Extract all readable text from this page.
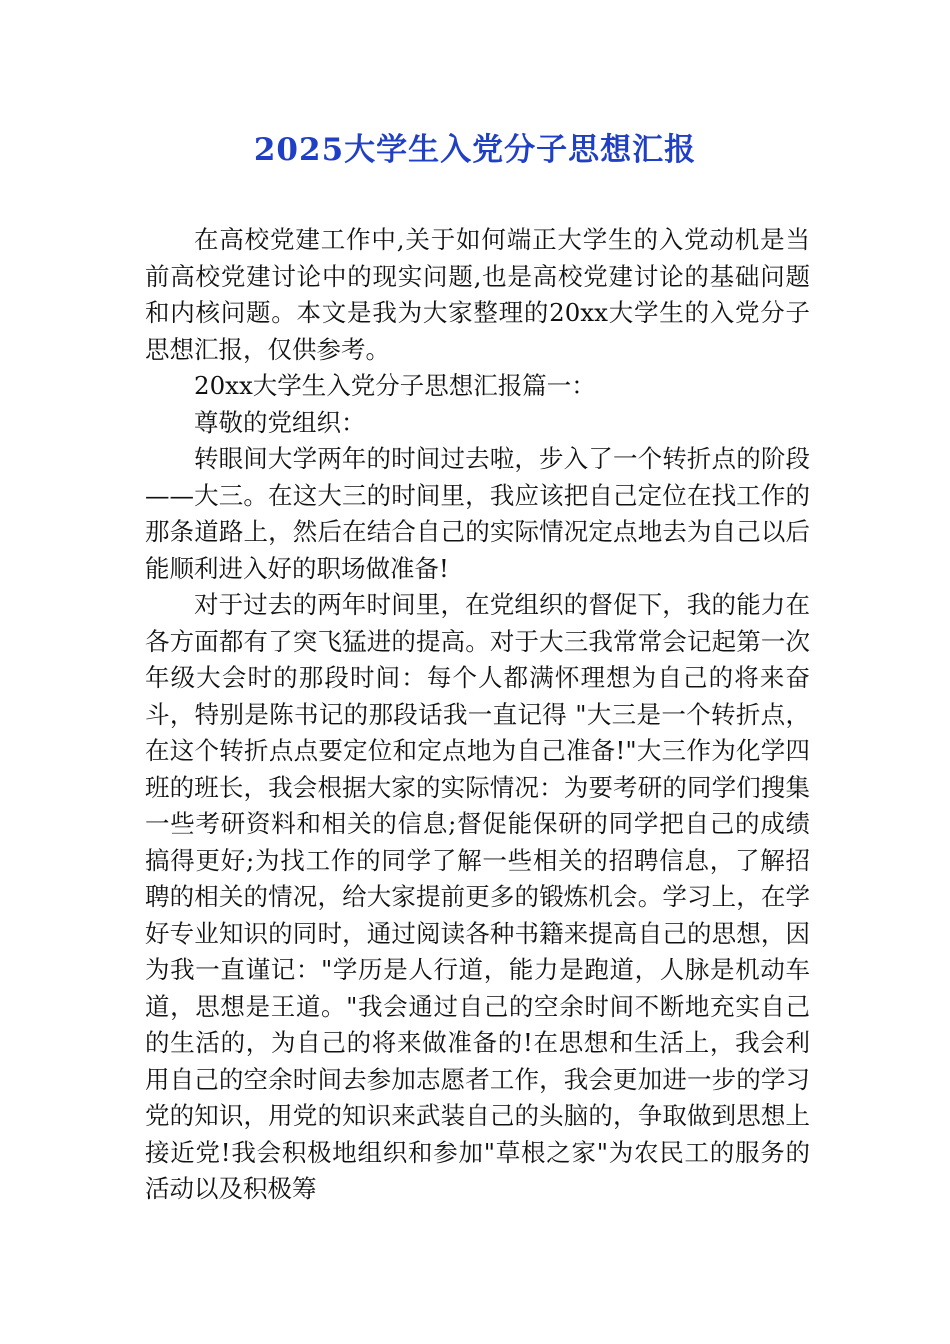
2025大学生入党分子思想汇报

在高校党建工作中,关于如何端正大学生的入党动机是当前高校党建讨论中的现实问题,也是高校党建讨论的基础问题和内核问题。本文是我为大家整理的20xx大学生的入党分子思想汇报，仅供参考。

20xx大学生入党分子思想汇报篇一：

尊敬的党组织：

转眼间大学两年的时间过去啦，步入了一个转折点的阶段——大三。在这大三的时间里，我应该把自己定位在找工作的那条道路上，然后在结合自己的实际情况定点地去为自己以后能顺利进入好的职场做准备!

对于过去的两年时间里，在党组织的督促下，我的能力在各方面都有了突飞猛进的提高。对于大三我常常会记起第一次年级大会时的那段时间：每个人都满怀理想为自己的将来奋斗，特别是陈书记的那段话我一直记得 "大三是一个转折点，在这个转折点点要定位和定点地为自己准备!"大三作为化学四班的班长，我会根据大家的实际情况：为要考研的同学们搜集一些考研资料和相关的信息;督促能保研的同学把自己的成绩搞得更好;为找工作的同学了解一些相关的招聘信息，了解招聘的相关的情况，给大家提前更多的锻炼机会。学习上，在学好专业知识的同时，通过阅读各种书籍来提高自己的思想，因为我一直谨记："学历是人行道，能力是跑道，人脉是机动车道，思想是王道。"我会通过自己的空余时间不断地充实自己的生活的，为自己的将来做准备的!在思想和生活上，我会利用自己的空余时间去参加志愿者工作，我会更加进一步的学习党的知识，用党的知识来武装自己的头脑的，争取做到思想上接近党!我会积极地组织和参加"草根之家"为农民工的服务的活动以及积极筹
